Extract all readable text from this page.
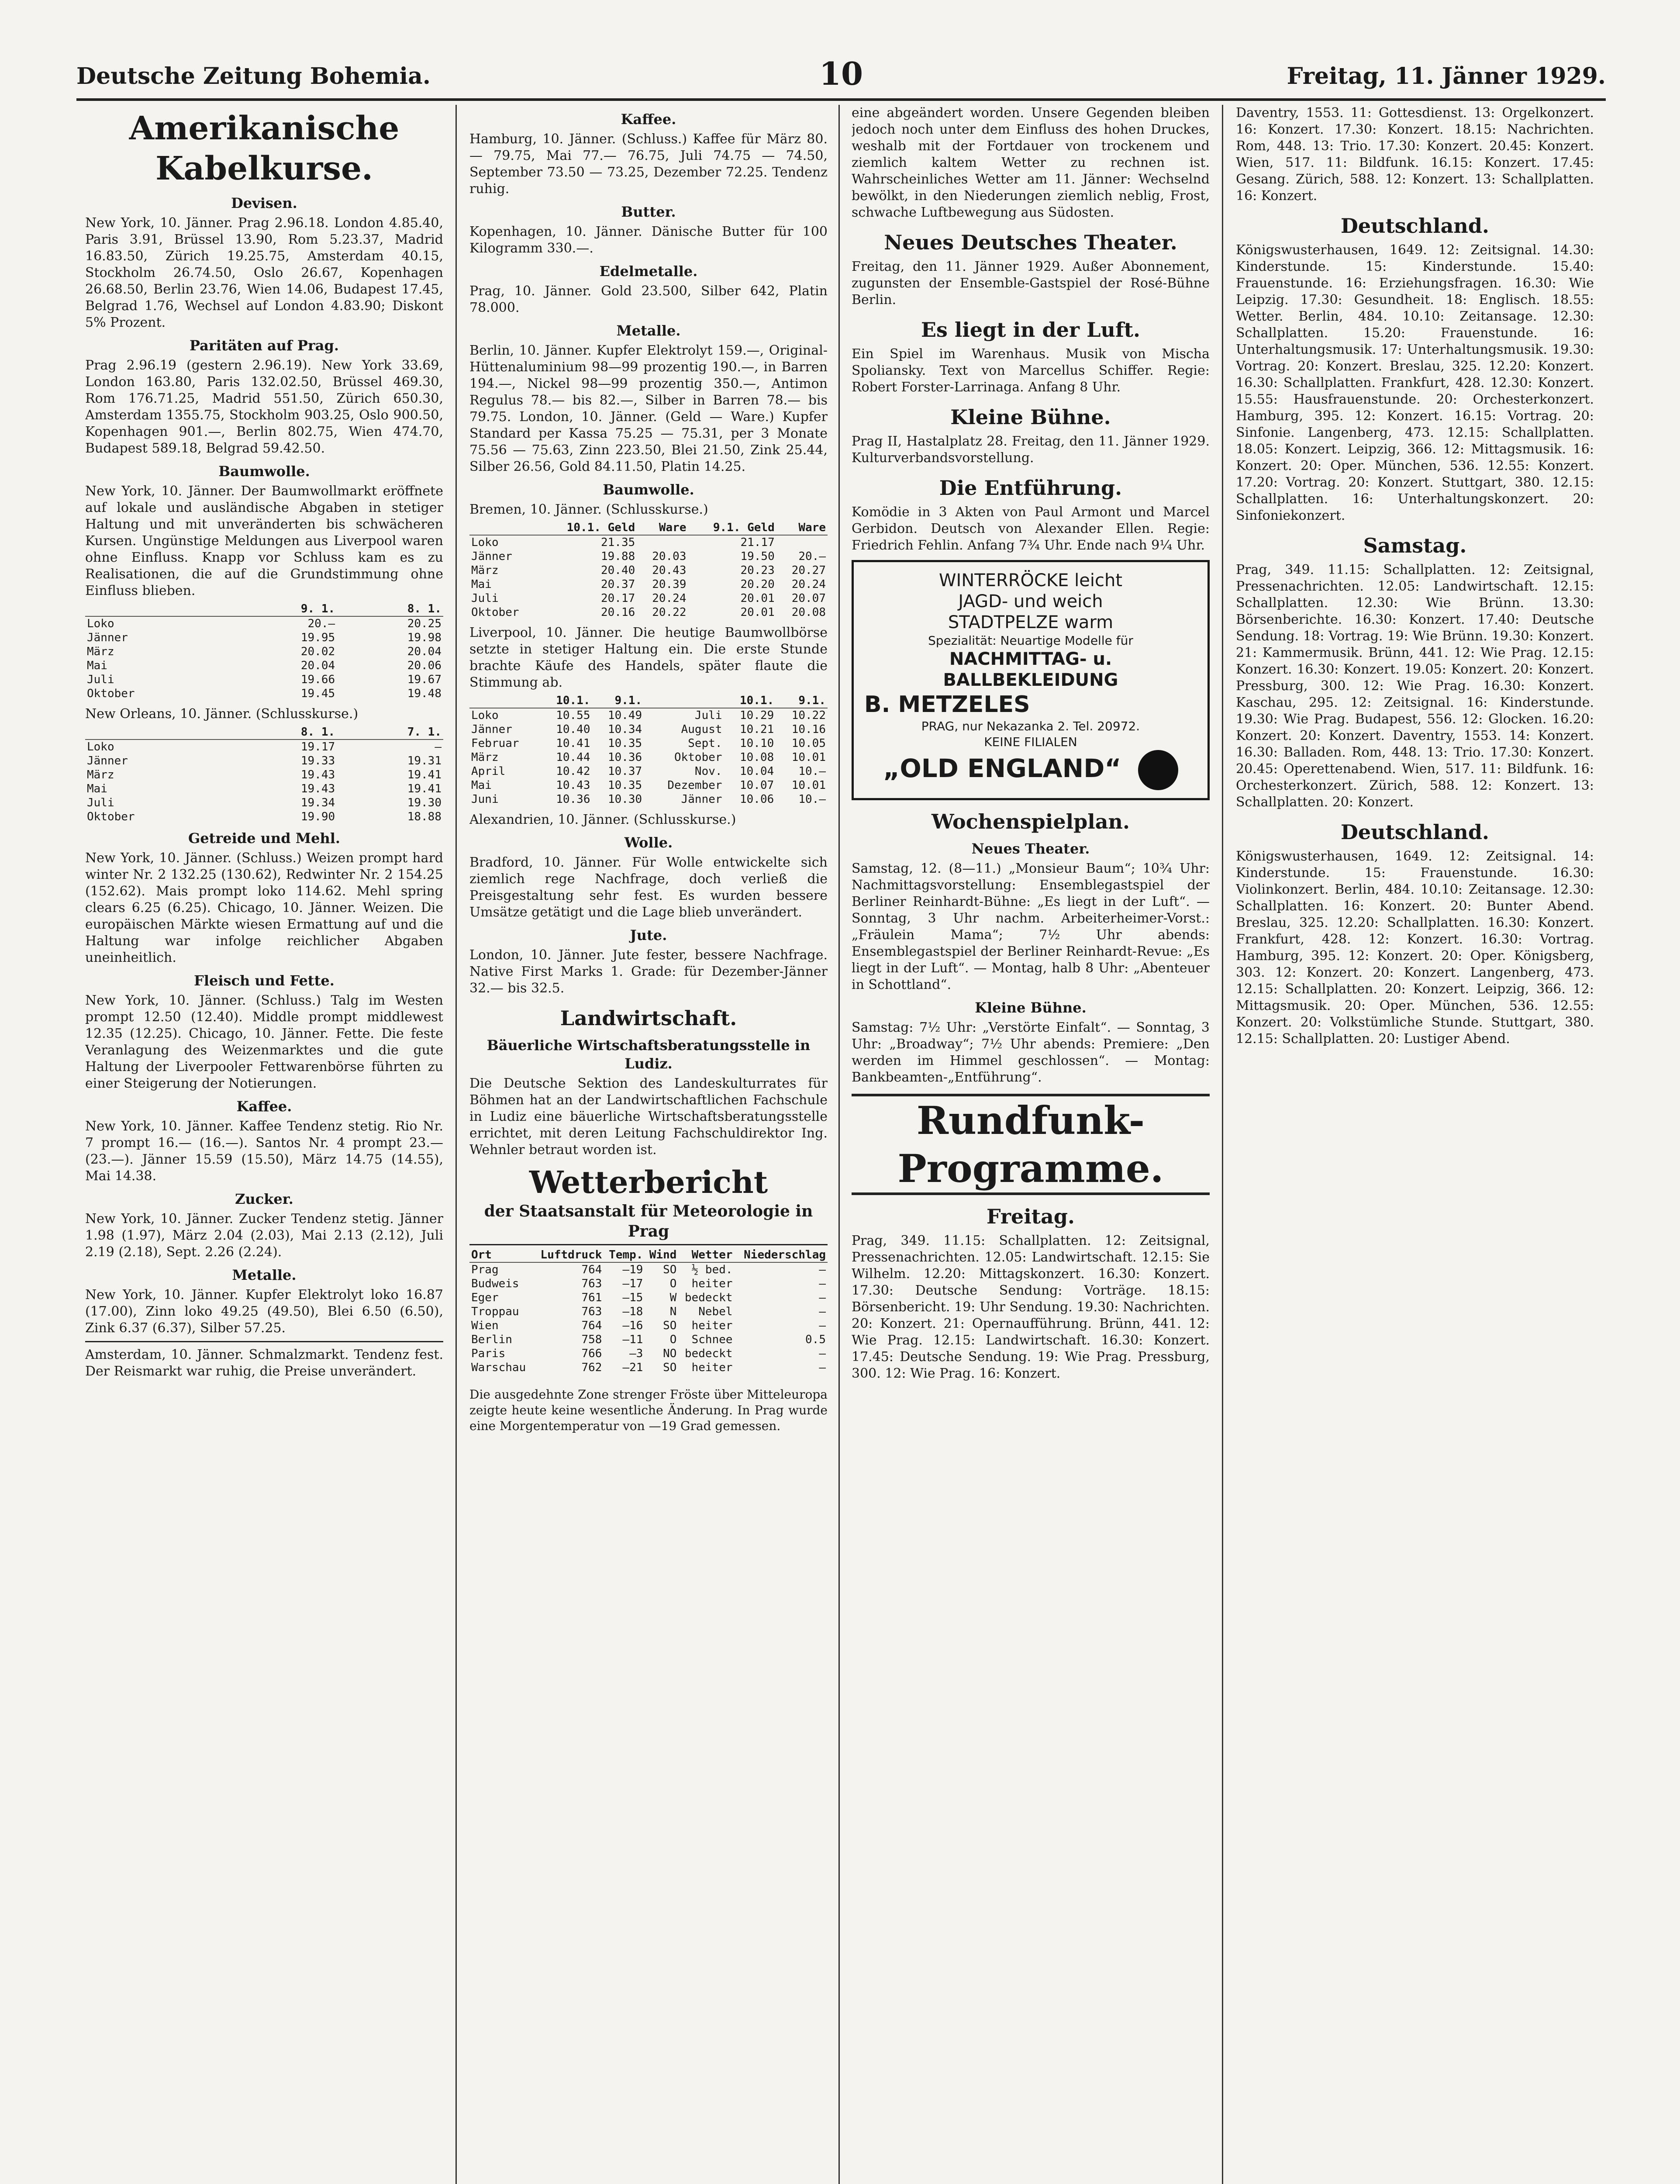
Deutsche Zeitung Bohemia.	10	Freitag, 11. Jänner 1929.
Amerikanische Kabelkurse.
Devisen.

New York, 10. Jänner. Prag 2.96.18. London 4.85.40, Paris 3.91, Brüssel 13.90, Rom 5.23.37, Madrid 16.83.50, Zürich 19.25.75, Amsterdam 40.15, Stockholm 26.74.50, Oslo 26.67, Kopenhagen 26.68.50, Berlin 23.76, Wien 14.06, Budapest 17.45, Belgrad 1.76, Wechsel auf London 4.83.90; Diskont 5% Prozent.

Paritäten auf Prag.

Prag 2.96.19 (gestern 2.96.19). New York 33.69, London 163.80, Paris 132.02.50, Brüssel 469.30, Rom 176.71.25, Madrid 551.50, Zürich 650.30, Amsterdam 1355.75, Stockholm 903.25, Oslo 900.50, Kopenhagen 901.—, Berlin 802.75, Wien 474.70, Budapest 589.18, Belgrad 59.42.50.

Baumwolle.

New York, 10. Jänner. Der Baumwollmarkt eröffnete auf lokale und ausländische Abgaben in stetiger Haltung und mit unveränderten bis schwächeren Kursen. Ungünstige Meldungen aus Liverpool waren ohne Einfluss. Knapp vor Schluss kam es zu Realisationen, die auf die Grundstimmung ohne Einfluss blieben.

	9. 1.	8. 1.
Loko	20.—	20.25
Jänner	19.95	19.98
März	20.02	20.04
Mai	20.04	20.06
Juli	19.66	19.67
Oktober	19.45	19.48

New Orleans, 10. Jänner. (Schlusskurse.)

	8. 1.	7. 1.
Loko	19.17	—
Jänner	19.33	19.31
März	19.43	19.41
Mai	19.43	19.41
Juli	19.34	19.30
Oktober	19.90	18.88
Getreide und Mehl.

New York, 10. Jänner. (Schluss.) Weizen prompt hard winter Nr. 2 132.25 (130.62), Redwinter Nr. 2 154.25 (152.62). Mais prompt loko 114.62. Mehl spring clears 6.25 (6.25). Chicago, 10. Jänner. Weizen. Die europäischen Märkte wiesen Ermattung auf und die Haltung war infolge reichlicher Abgaben uneinheitlich.

Fleisch und Fette.

New York, 10. Jänner. (Schluss.) Talg im Westen prompt 12.50 (12.40). Middle prompt middlewest 12.35 (12.25). Chicago, 10. Jänner. Fette. Die feste Veranlagung des Weizenmarktes und die gute Haltung der Liverpooler Fettwarenbörse führten zu einer Steigerung der Notierungen.

Kaffee.

New York, 10. Jänner. Kaffee Tendenz stetig. Rio Nr. 7 prompt 16.— (16.—). Santos Nr. 4 prompt 23.— (23.—). Jänner 15.59 (15.50), März 14.75 (14.55), Mai 14.38.

Zucker.

New York, 10. Jänner. Zucker Tendenz stetig. Jänner 1.98 (1.97), März 2.04 (2.03), Mai 2.13 (2.12), Juli 2.19 (2.18), Sept. 2.26 (2.24).

Metalle.

New York, 10. Jänner. Kupfer Elektrolyt loko 16.87 (17.00), Zinn loko 49.25 (49.50), Blei 6.50 (6.50), Zink 6.37 (6.37), Silber 57.25.

Amsterdam, 10. Jänner. Schmalzmarkt. Tendenz fest. Der Reismarkt war ruhig, die Preise unverändert.

Kaffee.

Hamburg, 10. Jänner. (Schluss.) Kaffee für März 80.— 79.75, Mai 77.— 76.75, Juli 74.75 — 74.50, September 73.50 — 73.25, Dezember 72.25. Tendenz ruhig.

Butter.

Kopenhagen, 10. Jänner. Dänische Butter für 100 Kilogramm 330.—.

Edelmetalle.

Prag, 10. Jänner. Gold 23.500, Silber 642, Platin 78.000.

Metalle.

Berlin, 10. Jänner. Kupfer Elektrolyt 159.—, Original-Hüttenaluminium 98—99 prozentig 190.—, in Barren 194.—, Nickel 98—99 prozentig 350.—, Antimon Regulus 78.— bis 82.—, Silber in Barren 78.— bis 79.75. London, 10. Jänner. (Geld — Ware.) Kupfer Standard per Kassa 75.25 — 75.31, per 3 Monate 75.56 — 75.63, Zinn 223.50, Blei 21.50, Zink 25.44, Silber 26.56, Gold 84.11.50, Platin 14.25.

Baumwolle.

Bremen, 10. Jänner. (Schlusskurse.)

	10.1. Geld	Ware	9.1. Geld	Ware
Loko	21.35		21.17	
Jänner	19.88	20.03	19.50	20.—
März	20.40	20.43	20.23	20.27
Mai	20.37	20.39	20.20	20.24
Juli	20.17	20.24	20.01	20.07
Oktober	20.16	20.22	20.01	20.08

Liverpool, 10. Jänner. Die heutige Baumwollbörse setzte in stetiger Haltung ein. Die erste Stunde brachte Käufe des Handels, später flaute die Stimmung ab.

	10.1.	9.1.		10.1.	9.1.
Loko	10.55	10.49	Juli	10.29	10.22
Jänner	10.40	10.34	August	10.21	10.16
Februar	10.41	10.35	Sept.	10.10	10.05
März	10.44	10.36	Oktober	10.08	10.01
April	10.42	10.37	Nov.	10.04	10.—
Mai	10.43	10.35	Dezember	10.07	10.01
Juni	10.36	10.30	Jänner	10.06	10.—

Alexandrien, 10. Jänner. (Schlusskurse.)

Wolle.

Bradford, 10. Jänner. Für Wolle entwickelte sich ziemlich rege Nachfrage, doch verließ die Preisgestaltung sehr fest. Es wurden bessere Umsätze getätigt und die Lage blieb unverändert.

Jute.

London, 10. Jänner. Jute fester, bessere Nachfrage. Native First Marks 1. Grade: für Dezember-Jänner 32.— bis 32.5.

Landwirtschaft.
Bäuerliche Wirtschaftsberatungsstelle in Ludiz.

Die Deutsche Sektion des Landeskulturrates für Böhmen hat an der Landwirtschaftlichen Fachschule in Ludiz eine bäuerliche Wirtschaftsberatungsstelle errichtet, mit deren Leitung Fachschuldirektor Ing. Wehnler betraut worden ist.

Wetterbericht
der Staatsanstalt für Meteorologie in Prag
Ort	Luftdruck	Temp.	Wind	Wetter	Niederschlag
Prag	764	—19	SO	½ bed.	—
Budweis	763	—17	O	heiter	—
Eger	761	—15	W	bedeckt	—
Troppau	763	—18	N	Nebel	—
Wien	764	—16	SO	heiter	—
Berlin	758	—11	O	Schnee	0.5
Paris	766	—3	NO	bedeckt	—
Warschau	762	—21	SO	heiter	—

Die ausgedehnte Zone strenger Fröste über Mitteleuropa zeigte heute keine wesentliche Änderung. In Prag wurde eine Morgentemperatur von —19 Grad gemessen.

eine abgeändert worden. Unsere Gegenden bleiben jedoch noch unter dem Einfluss des hohen Druckes, weshalb mit der Fortdauer von trockenem und ziemlich kaltem Wetter zu rechnen ist. Wahrscheinliches Wetter am 11. Jänner: Wechselnd bewölkt, in den Niederungen ziemlich neblig, Frost, schwache Luftbewegung aus Südosten.

Neues Deutsches Theater.

Freitag, den 11. Jänner 1929. Außer Abonnement, zugunsten der Ensemble-Gastspiel der Rosé-Bühne Berlin.

Es liegt in der Luft.

Ein Spiel im Warenhaus. Musik von Mischa Spoliansky. Text von Marcellus Schiffer. Regie: Robert Forster-Larrinaga. Anfang 8 Uhr.

Kleine Bühne.

Prag II, Hastalplatz 28. Freitag, den 11. Jänner 1929. Kulturverbandsvorstellung.

Die Entführung.

Komödie in 3 Akten von Paul Armont und Marcel Gerbidon. Deutsch von Alexander Ellen. Regie: Friedrich Fehlin. Anfang 7¾ Uhr. Ende nach 9¼ Uhr.

WINTERRÖCKE leicht
JAGD- und weich
STADTPELZE warm
Spezialität: Neuartige Modelle für
NACHMITTAG- u. BALLBEKLEIDUNG
B. METZELES
PRAG, nur Nekazanka 2. Tel. 20972.
KEINE FILIALEN
„OLD ENGLAND“
Wochenspielplan.
Neues Theater.

Samstag, 12. (8—11.) „Monsieur Baum“; 10¾ Uhr: Nachmittagsvorstellung: Ensemblegastspiel der Berliner Reinhardt-Bühne: „Es liegt in der Luft“. — Sonntag, 3 Uhr nachm. Arbeiterheimer-Vorst.: „Fräulein Mama“; 7½ Uhr abends: Ensemblegastspiel der Berliner Reinhardt-Revue: „Es liegt in der Luft“. — Montag, halb 8 Uhr: „Abenteuer in Schottland“.

Kleine Bühne.

Samstag: 7½ Uhr: „Verstörte Einfalt“. — Sonntag, 3 Uhr: „Broadway“; 7½ Uhr abends: Premiere: „Den werden im Himmel geschlossen“. — Montag: Bankbeamten-„Entführung“.

Rundfunk-Programme.
Freitag.

Prag, 349. 11.15: Schallplatten. 12: Zeitsignal, Pressenachrichten. 12.05: Landwirtschaft. 12.15: Sie Wilhelm. 12.20: Mittagskonzert. 16.30: Konzert. 17.30: Deutsche Sendung: Vorträge. 18.15: Börsenbericht. 19: Uhr Sendung. 19.30: Nachrichten. 20: Konzert. 21: Opernaufführung. Brünn, 441. 12: Wie Prag. 12.15: Landwirtschaft. 16.30: Konzert. 17.45: Deutsche Sendung. 19: Wie Prag. Pressburg, 300. 12: Wie Prag. 16: Konzert.

Daventry, 1553. 11: Gottesdienst. 13: Orgelkonzert. 16: Konzert. 17.30: Konzert. 18.15: Nachrichten. Rom, 448. 13: Trio. 17.30: Konzert. 20.45: Konzert. Wien, 517. 11: Bildfunk. 16.15: Konzert. 17.45: Gesang. Zürich, 588. 12: Konzert. 13: Schallplatten. 16: Konzert.

Deutschland.

Königswusterhausen, 1649. 12: Zeitsignal. 14.30: Kinderstunde. 15: Kinderstunde. 15.40: Frauenstunde. 16: Erziehungsfragen. 16.30: Wie Leipzig. 17.30: Gesundheit. 18: Englisch. 18.55: Wetter. Berlin, 484. 10.10: Zeitansage. 12.30: Schallplatten. 15.20: Frauenstunde. 16: Unterhaltungsmusik. 17: Unterhaltungsmusik. 19.30: Vortrag. 20: Konzert. Breslau, 325. 12.20: Konzert. 16.30: Schallplatten. Frankfurt, 428. 12.30: Konzert. 15.55: Hausfrauenstunde. 20: Orchesterkonzert. Hamburg, 395. 12: Konzert. 16.15: Vortrag. 20: Sinfonie. Langenberg, 473. 12.15: Schallplatten. 18.05: Konzert. Leipzig, 366. 12: Mittagsmusik. 16: Konzert. 20: Oper. München, 536. 12.55: Konzert. 17.20: Vortrag. 20: Konzert. Stuttgart, 380. 12.15: Schallplatten. 16: Unterhaltungskonzert. 20: Sinfoniekonzert.

Samstag.

Prag, 349. 11.15: Schallplatten. 12: Zeitsignal, Pressenachrichten. 12.05: Landwirtschaft. 12.15: Schallplatten. 12.30: Wie Brünn. 13.30: Börsenberichte. 16.30: Konzert. 17.40: Deutsche Sendung. 18: Vortrag. 19: Wie Brünn. 19.30: Konzert. 21: Kammermusik. Brünn, 441. 12: Wie Prag. 12.15: Konzert. 16.30: Konzert. 19.05: Konzert. 20: Konzert. Pressburg, 300. 12: Wie Prag. 16.30: Konzert. Kaschau, 295. 12: Zeitsignal. 16: Kinderstunde. 19.30: Wie Prag. Budapest, 556. 12: Glocken. 16.20: Konzert. 20: Konzert. Daventry, 1553. 14: Konzert. 16.30: Balladen. Rom, 448. 13: Trio. 17.30: Konzert. 20.45: Operettenabend. Wien, 517. 11: Bildfunk. 16: Orchesterkonzert. Zürich, 588. 12: Konzert. 13: Schallplatten. 20: Konzert.

Deutschland.

Königswusterhausen, 1649. 12: Zeitsignal. 14: Kinderstunde. 15: Frauenstunde. 16.30: Violinkonzert. Berlin, 484. 10.10: Zeitansage. 12.30: Schallplatten. 16: Konzert. 20: Bunter Abend. Breslau, 325. 12.20: Schallplatten. 16.30: Konzert. Frankfurt, 428. 12: Konzert. 16.30: Vortrag. Hamburg, 395. 12: Konzert. 20: Oper. Königsberg, 303. 12: Konzert. 20: Konzert. Langenberg, 473. 12.15: Schallplatten. 20: Konzert. Leipzig, 366. 12: Mittagsmusik. 20: Oper. München, 536. 12.55: Konzert. 20: Volkstümliche Stunde. Stuttgart, 380. 12.15: Schallplatten. 20: Lustiger Abend.
